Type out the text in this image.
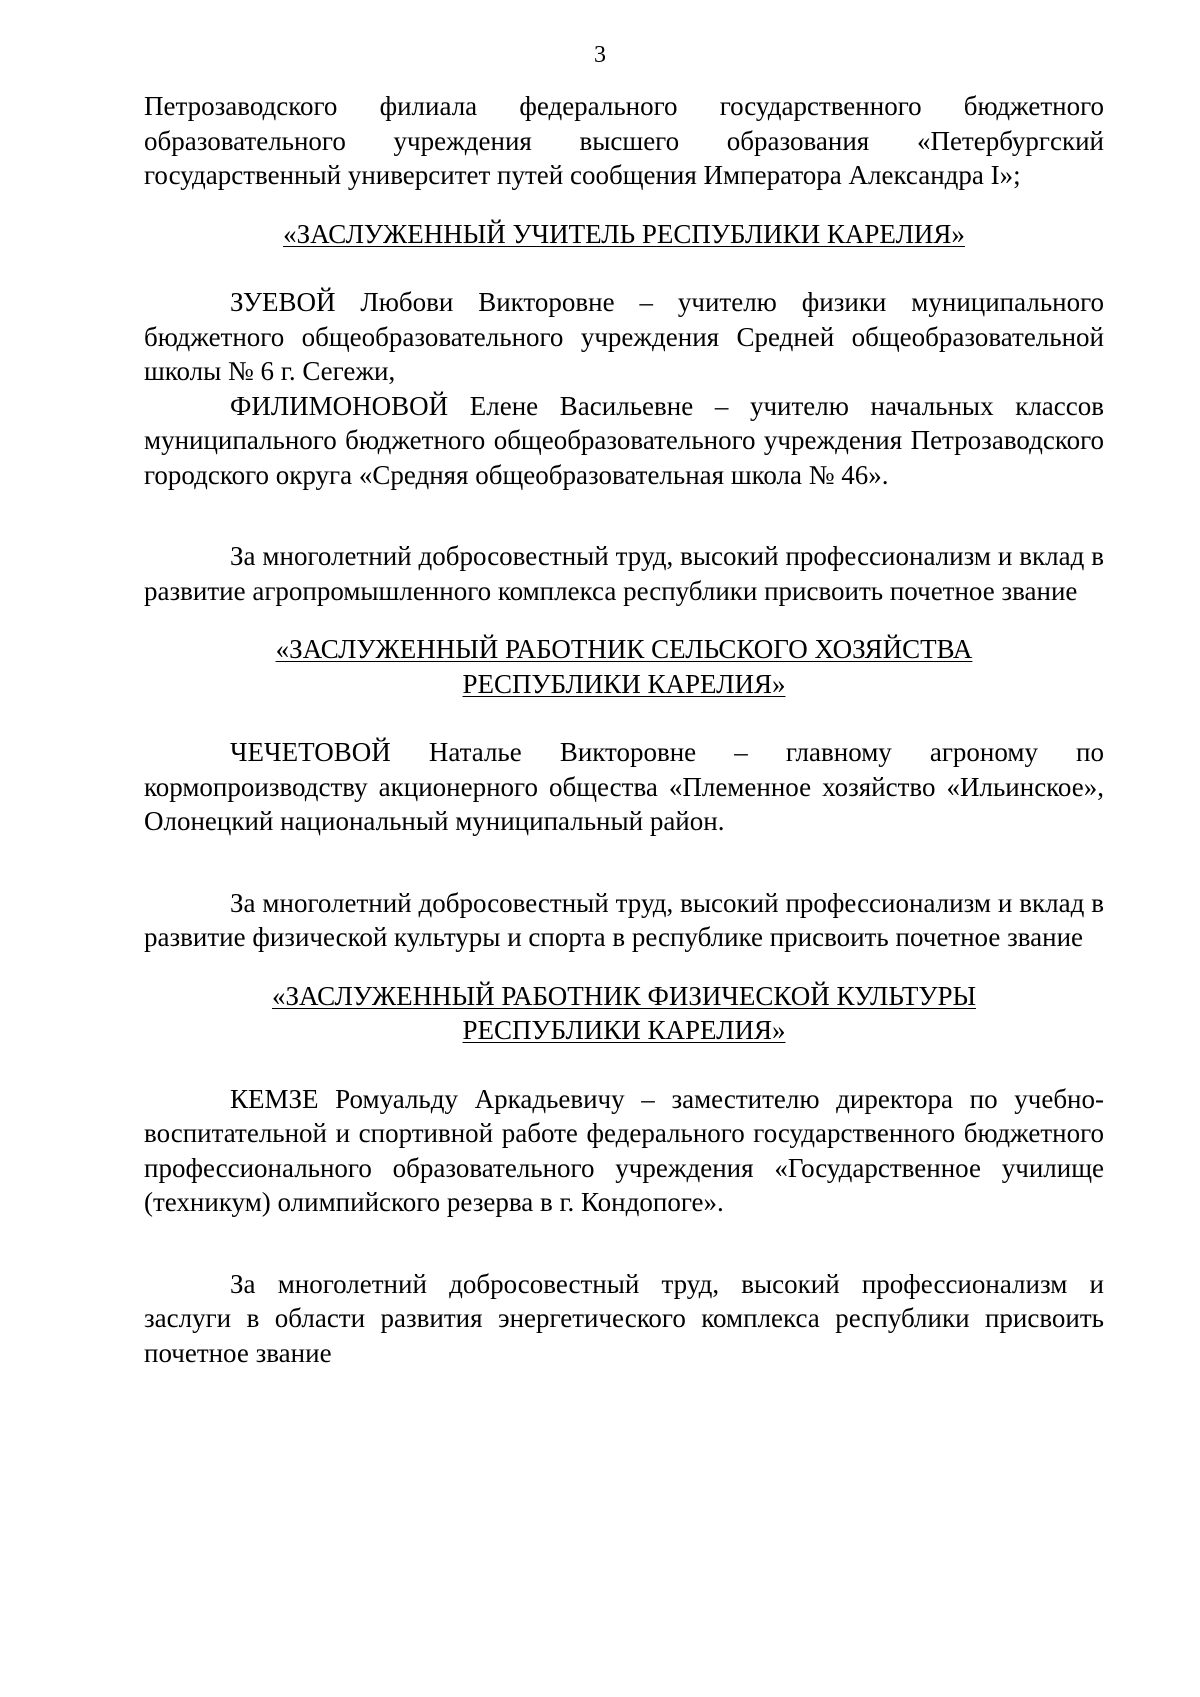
3

Петрозаводского филиала федерального государственного бюджетного образовательного учреждения высшего образования «Петербургский государственный университет путей сообщения Императора Александра I»;

«ЗАСЛУЖЕННЫЙ УЧИТЕЛЬ РЕСПУБЛИКИ КАРЕЛИЯ»

ЗУЕВОЙ Любови Викторовне – учителю физики муниципального бюджетного общеобразовательного учреждения Средней общеобразовательной школы № 6 г. Сегежи,

ФИЛИМОНОВОЙ Елене Васильевне – учителю начальных классов муниципального бюджетного общеобразовательного учреждения Петрозаводского городского округа «Средняя общеобразовательная школа № 46».

За многолетний добросовестный труд, высокий профессионализм и вклад в развитие агропромышленного комплекса республики присвоить почетное звание

«ЗАСЛУЖЕННЫЙ РАБОТНИК СЕЛЬСКОГО ХОЗЯЙСТВА

РЕСПУБЛИКИ КАРЕЛИЯ»

ЧЕЧЕТОВОЙ Наталье Викторовне – главному агроному по кормопроизводству акционерного общества «Племенное хозяйство «Ильинское», Олонецкий национальный муниципальный район.

За многолетний добросовестный труд, высокий профессионализм и вклад в развитие физической культуры и спорта в республике присвоить почетное звание

«ЗАСЛУЖЕННЫЙ РАБОТНИК ФИЗИЧЕСКОЙ КУЛЬТУРЫ

РЕСПУБЛИКИ КАРЕЛИЯ»

КЕМЗЕ Ромуальду Аркадьевичу – заместителю директора по учебно-воспитательной и спортивной работе федерального государственного бюджетного профессионального образовательного учреждения «Государственное училище (техникум) олимпийского резерва в г. Кондопоге».

За многолетний добросовестный труд, высокий профессионализм и заслуги в области развития энергетического комплекса республики присвоить почетное звание
